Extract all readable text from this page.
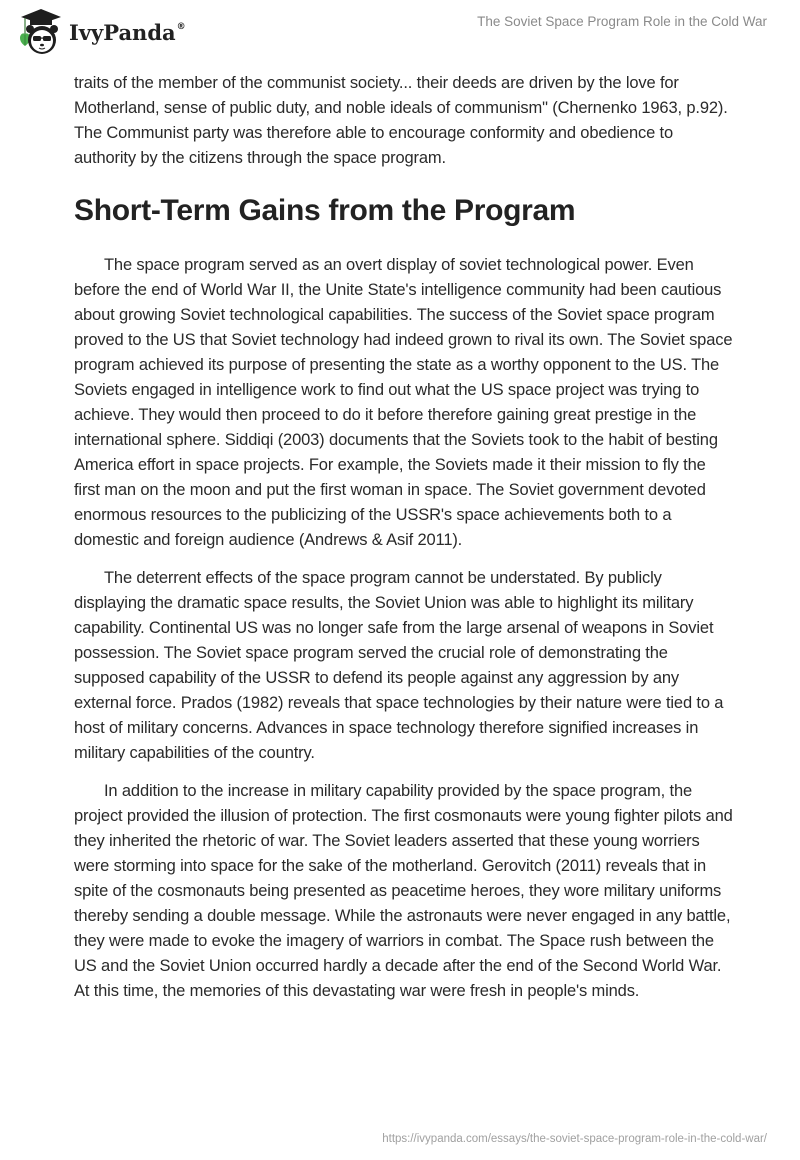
IvyPanda®	The Soviet Space Program Role in the Cold War

traits of the member of the communist society... their deeds are driven by the love for Motherland, sense of public duty, and noble ideals of communism" (Chernenko 1963, p.92). The Communist party was therefore able to encourage conformity and obedience to authority by the citizens through the space program.

Short-Term Gains from the Program

The space program served as an overt display of soviet technological power. Even before the end of World War II, the Unite State's intelligence community had been cautious about growing Soviet technological capabilities. The success of the Soviet space program proved to the US that Soviet technology had indeed grown to rival its own. The Soviet space program achieved its purpose of presenting the state as a worthy opponent to the US. The Soviets engaged in intelligence work to find out what the US space project was trying to achieve. They would then proceed to do it before therefore gaining great prestige in the international sphere. Siddiqi (2003) documents that the Soviets took to the habit of besting America effort in space projects. For example, the Soviets made it their mission to fly the first man on the moon and put the first woman in space. The Soviet government devoted enormous resources to the publicizing of the USSR's space achievements both to a domestic and foreign audience (Andrews & Asif 2011).

The deterrent effects of the space program cannot be understated. By publicly displaying the dramatic space results, the Soviet Union was able to highlight its military capability. Continental US was no longer safe from the large arsenal of weapons in Soviet possession. The Soviet space program served the crucial role of demonstrating the supposed capability of the USSR to defend its people against any aggression by any external force. Prados (1982) reveals that space technologies by their nature were tied to a host of military concerns. Advances in space technology therefore signified increases in military capabilities of the country.

In addition to the increase in military capability provided by the space program, the project provided the illusion of protection. The first cosmonauts were young fighter pilots and they inherited the rhetoric of war. The Soviet leaders asserted that these young worriers were storming into space for the sake of the motherland. Gerovitch (2011) reveals that in spite of the cosmonauts being presented as peacetime heroes, they wore military uniforms thereby sending a double message. While the astronauts were never engaged in any battle, they were made to evoke the imagery of warriors in combat. The Space rush between the US and the Soviet Union occurred hardly a decade after the end of the Second World War. At this time, the memories of this devastating war were fresh in people's minds.

https://ivypanda.com/essays/the-soviet-space-program-role-in-the-cold-war/
